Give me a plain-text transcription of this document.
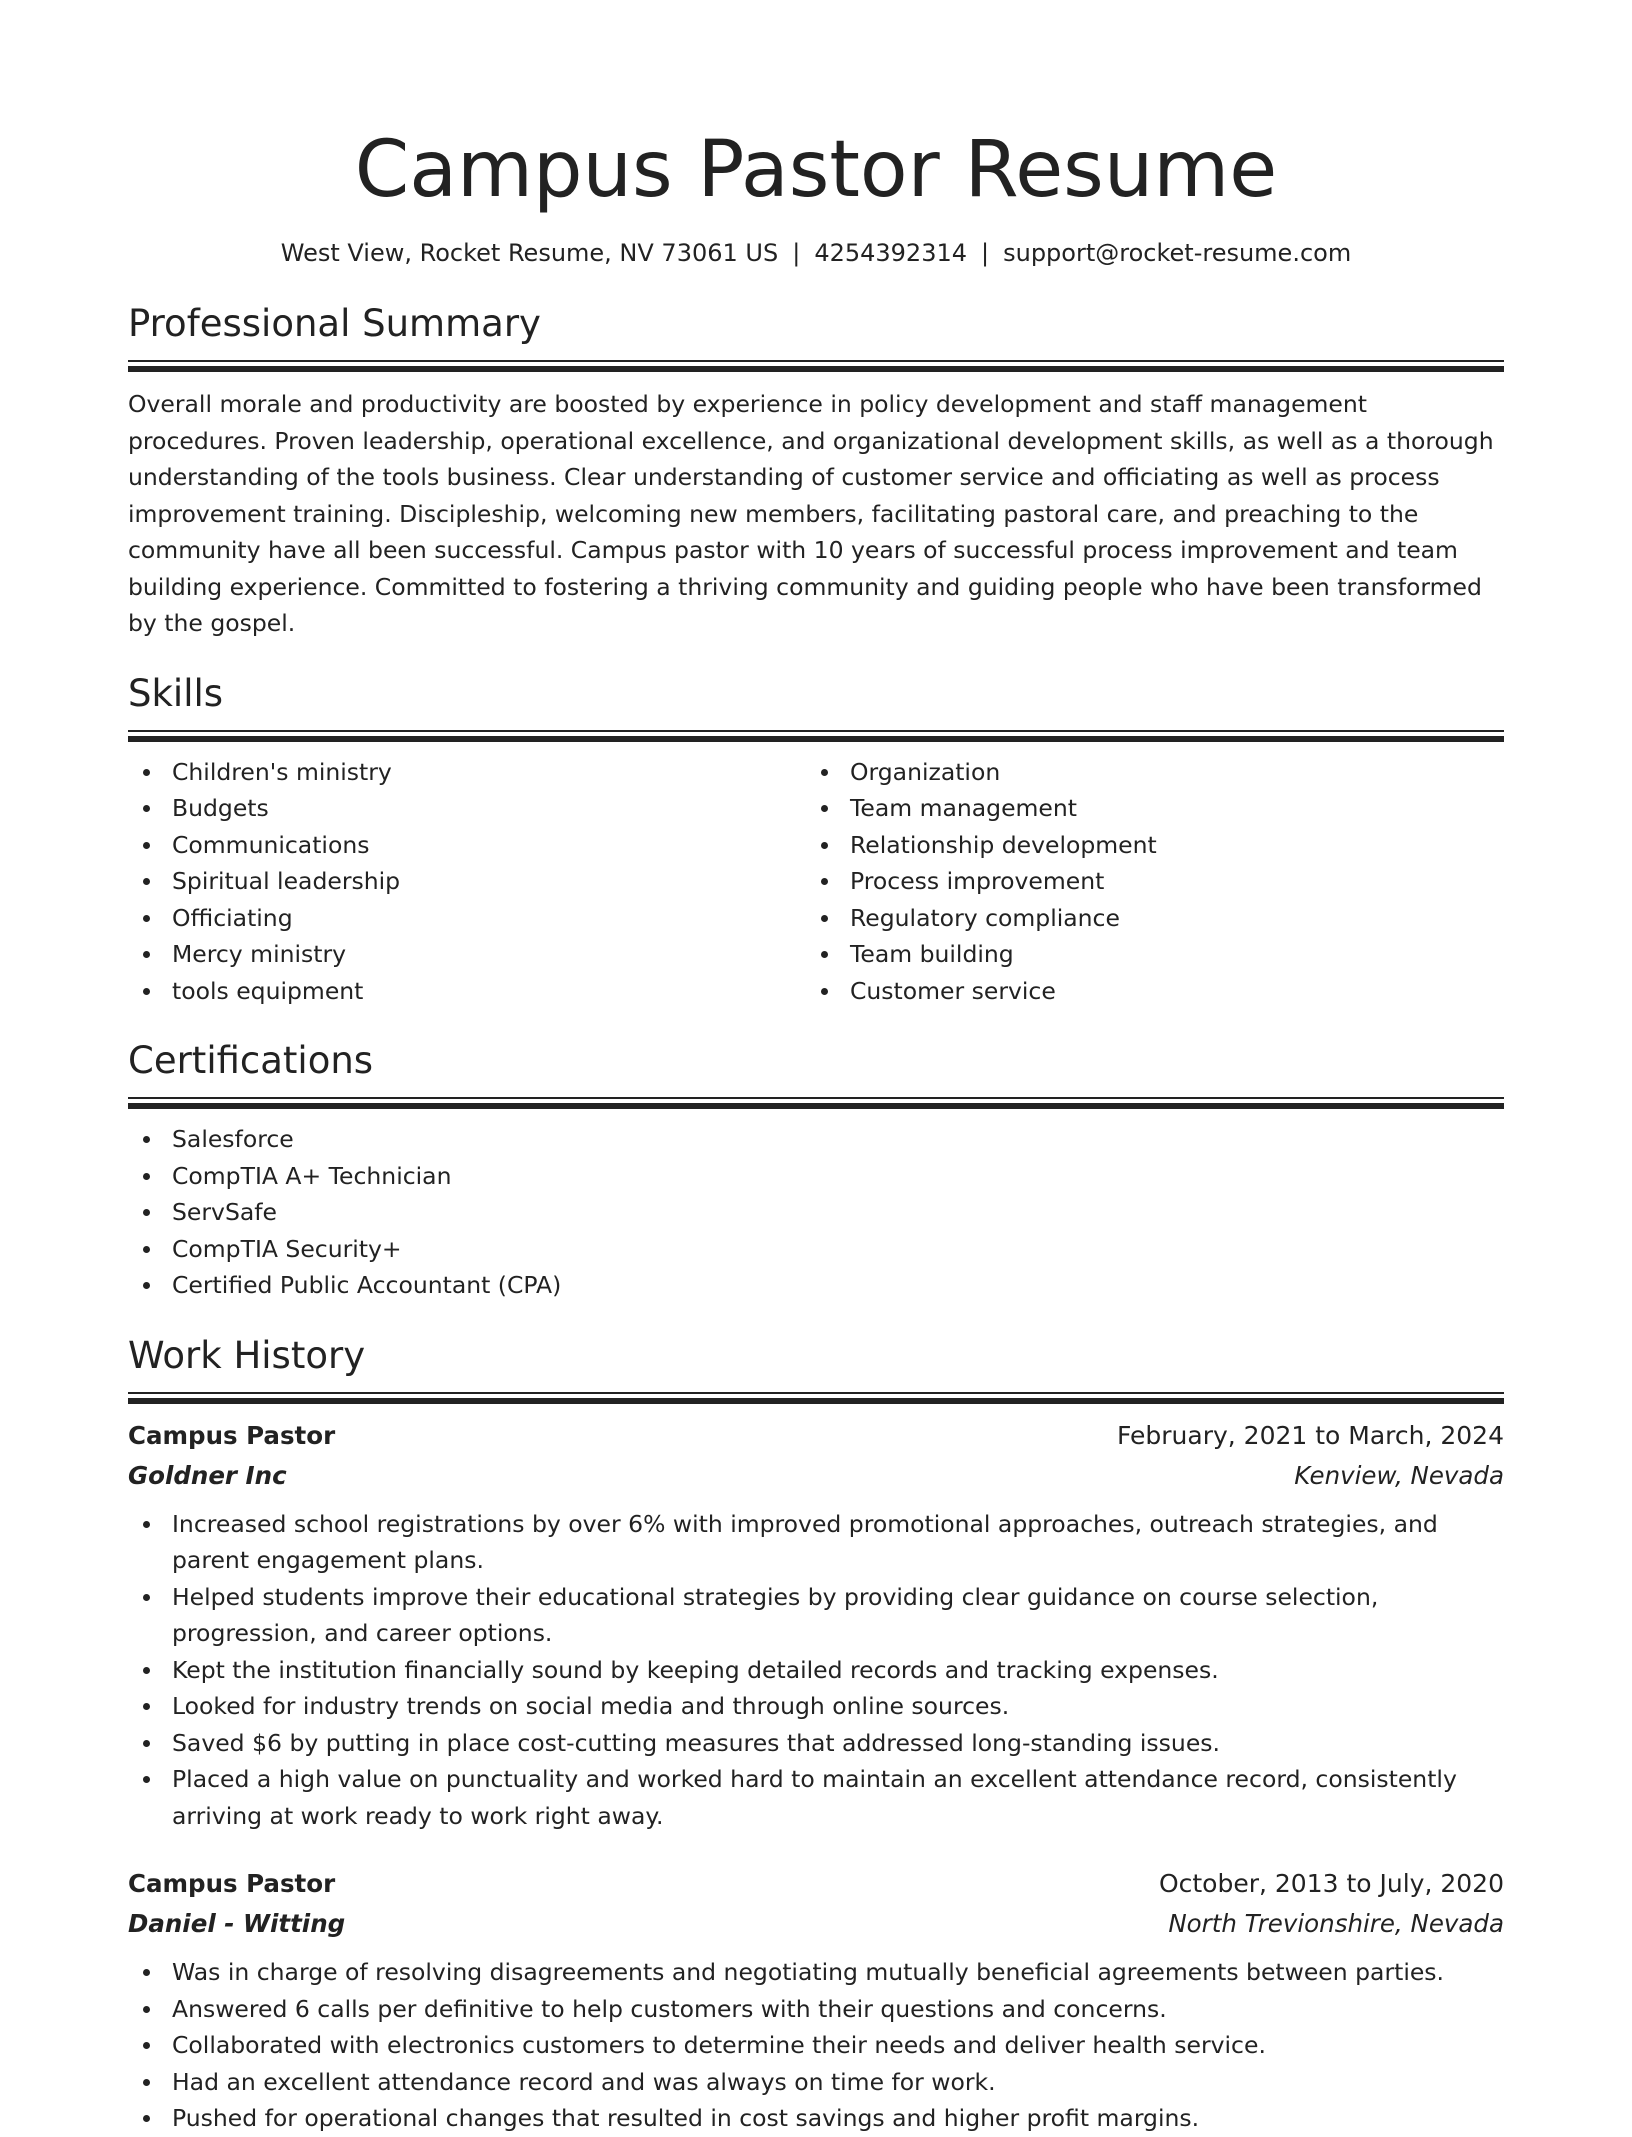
Campus Pastor Resume
West View, Rocket Resume, NV 73061 US | 4254392314 | support@rocket-resume.com
Professional Summary

Overall morale and productivity are boosted by experience in policy development and staff management procedures. Proven leadership, operational excellence, and organizational development skills, as well as a thorough understanding of the tools business. Clear understanding of customer service and officiating as well as process improvement training. Discipleship, welcoming new members, facilitating pastoral care, and preaching to the community have all been successful. Campus pastor with 10 years of successful process improvement and team building experience. Committed to fostering a thriving community and guiding people who have been transformed by the gospel.

Skills
Children's ministry
Budgets
Communications
Spiritual leadership
Officiating
Mercy ministry
tools equipment
Organization
Team management
Relationship development
Process improvement
Regulatory compliance
Team building
Customer service
Certifications
Salesforce
CompTIA A+ Technician
ServSafe
CompTIA Security+
Certified Public Accountant (CPA)
Work History
Campus Pastor	February, 2021 to March, 2024
Goldner Inc	Kenview, Nevada
Increased school registrations by over 6% with improved promotional approaches, outreach strategies, and parent engagement plans.
Helped students improve their educational strategies by providing clear guidance on course selection, progression, and career options.
Kept the institution financially sound by keeping detailed records and tracking expenses.
Looked for industry trends on social media and through online sources.
Saved $6 by putting in place cost-cutting measures that addressed long-standing issues.
Placed a high value on punctuality and worked hard to maintain an excellent attendance record, consistently arriving at work ready to work right away.
Campus Pastor	October, 2013 to July, 2020
Daniel - Witting	North Trevionshire, Nevada
Was in charge of resolving disagreements and negotiating mutually beneficial agreements between parties.
Answered 6 calls per definitive to help customers with their questions and concerns.
Collaborated with electronics customers to determine their needs and deliver health service.
Had an excellent attendance record and was always on time for work.
Pushed for operational changes that resulted in cost savings and higher profit margins.
